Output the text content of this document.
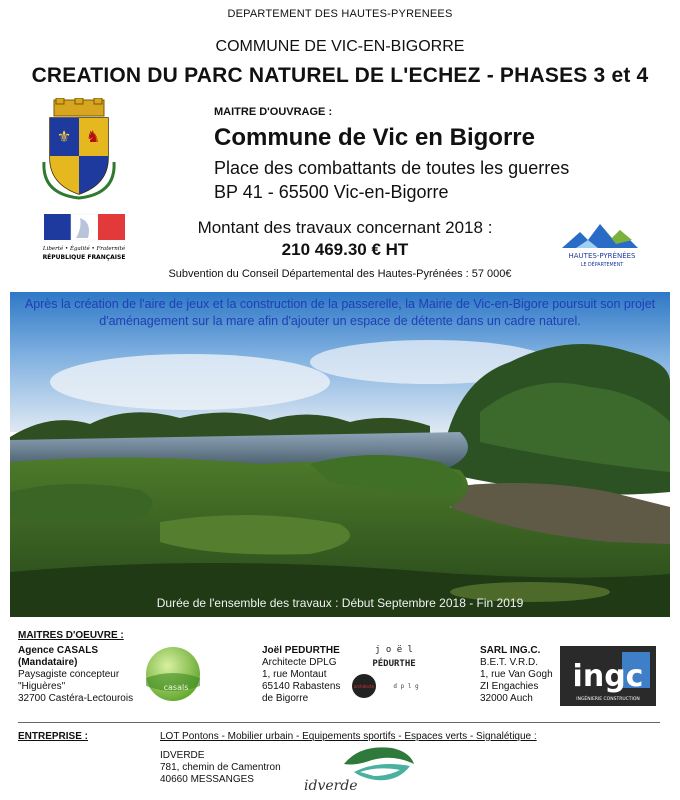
DEPARTEMENT DES HAUTES-PYRENEES
COMMUNE DE VIC-EN-BIGORRE
CREATION DU PARC NATUREL DE L'ECHEZ - PHASES 3 et 4
⚜ ♞
MAITRE D'OUVRAGE :
Commune de Vic en Bigorre
Place des combattants de toutes les guerres
BP 41 - 65500 Vic-en-Bigorre
Liberté • Égalité • Fraternité
RÉPUBLIQUE FRANÇAISE
Montant des travaux concernant 2018 :
210 469.30 € HT	HAUTES-PYRÉNÉES
LE DÉPARTEMENT
Subvention du Conseil Départemental des Hautes-Pyrénées : 57 000€
Après la création de l'aire de jeux et la construction de la passerelle, la Mairie de Vic-en-Bigore poursuit son projet d'aménagement sur la mare afin d'ajouter un espace de détente dans un cadre naturel.
Durée de l'ensemble des travaux : Début Septembre 2018 - Fin 2019
MAITRES D'OEUVRE :
Agence CASALS
(Mandataire)
Paysagiste concepteur
"Higuères"
32700 Castéra-Lectourois
casals
Joël PEDURTHE
Architecte DPLG
1, rue Montaut
65140 Rabastens
de Bigorre
j o ë l
PÉDURTHE
architecte	d p l g
SARL ING.C.
B.E.T. V.R.D.
1, rue Van Gogh
ZI Engachies
32000 Auch
ingc
INGÉNIERIE CONSTRUCTION
ENTREPRISE :	LOT Pontons - Mobilier urbain - Equipements sportifs - Espaces verts - Signalétique :
IDVERDE
781, chemin de Camentron
40660 MESSANGES	idverde
